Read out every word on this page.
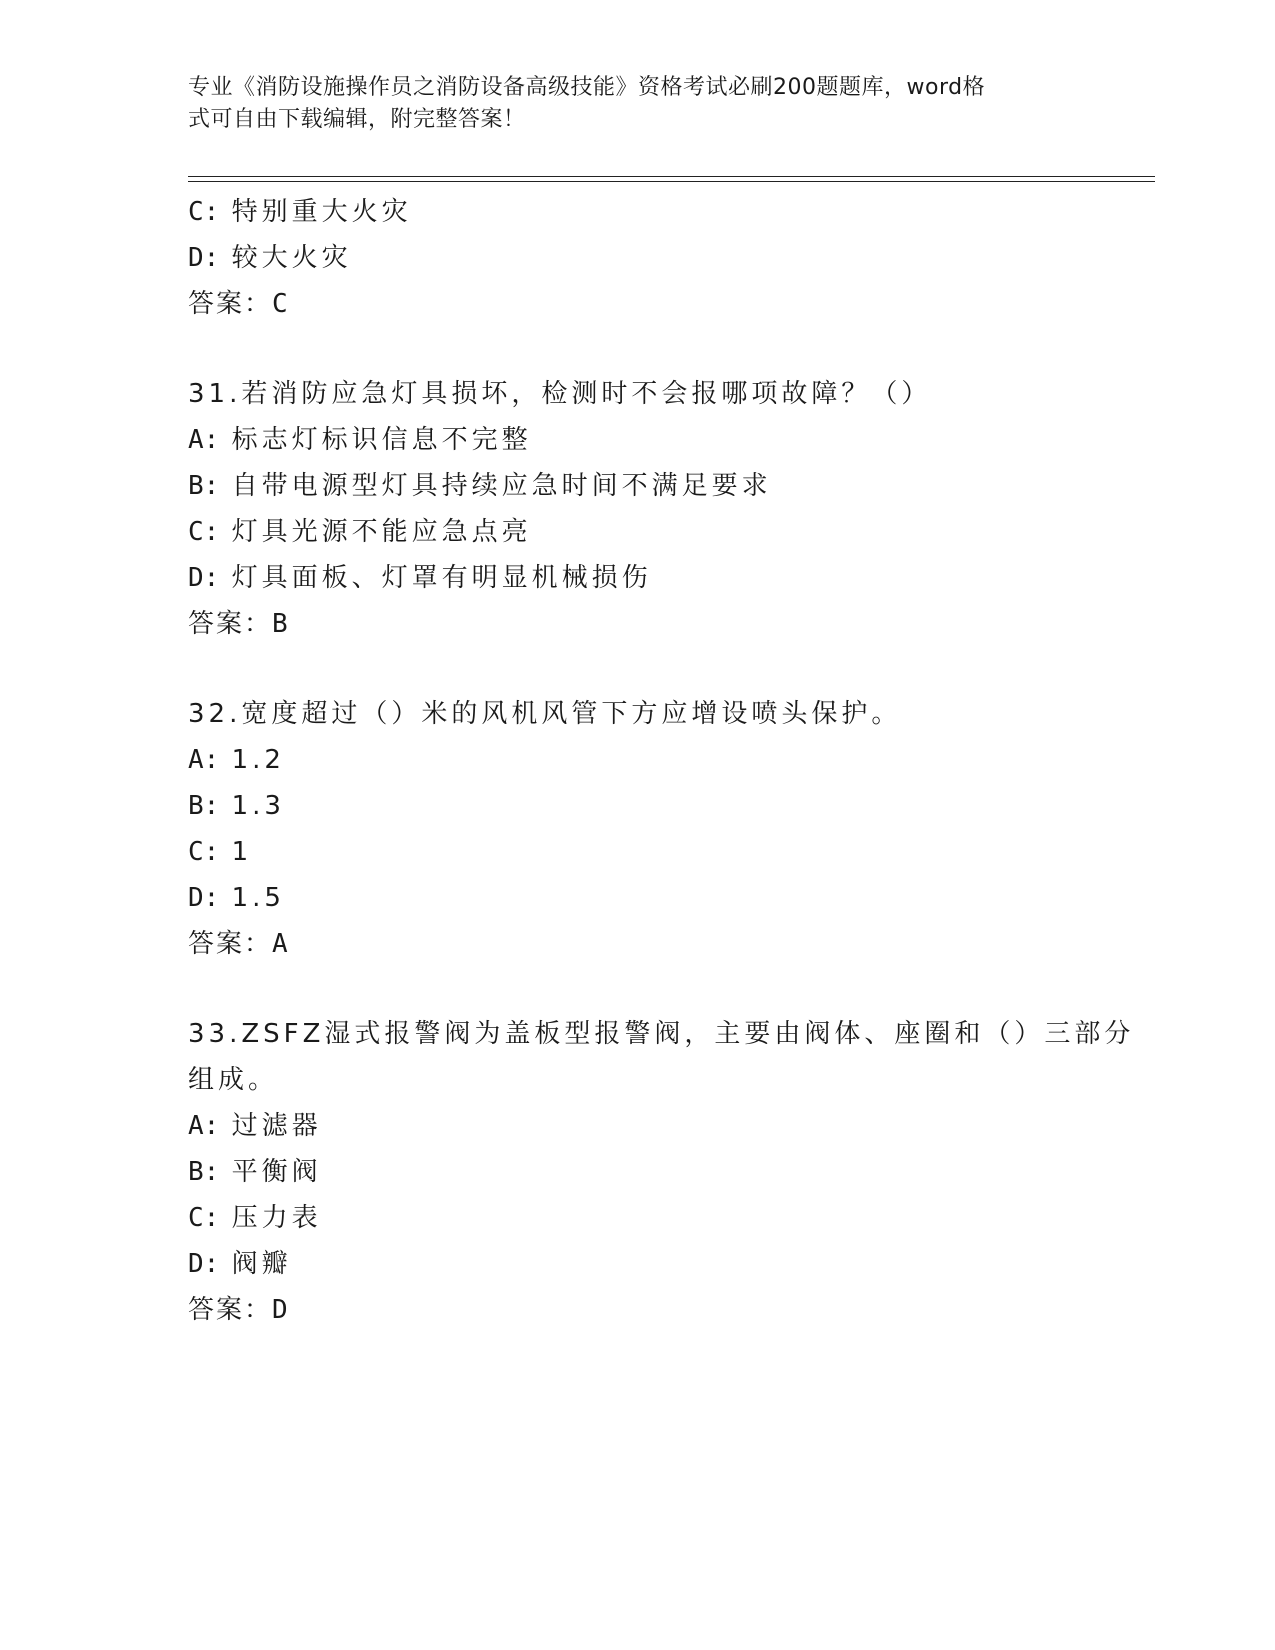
专业《消防设施操作员之消防设备高级技能》资格考试必刷200题题库，word格
式可自由下载编辑，附完整答案！
C: 特别重大火灾
D: 较大火灾
答案：C
31.若消防应急灯具损坏，检测时不会报哪项故障？（）
A: 标志灯标识信息不完整
B: 自带电源型灯具持续应急时间不满足要求
C: 灯具光源不能应急点亮
D: 灯具面板、灯罩有明显机械损伤
答案：B
32.宽度超过（）米的风机风管下方应增设喷头保护。
A: 1.2
B: 1.3
C: 1
D: 1.5
答案：A
33.ZSFZ湿式报警阀为盖板型报警阀，主要由阀体、座圈和（）三部分
组成。
A: 过滤器
B: 平衡阀
C: 压力表
D: 阀瓣
答案：D
